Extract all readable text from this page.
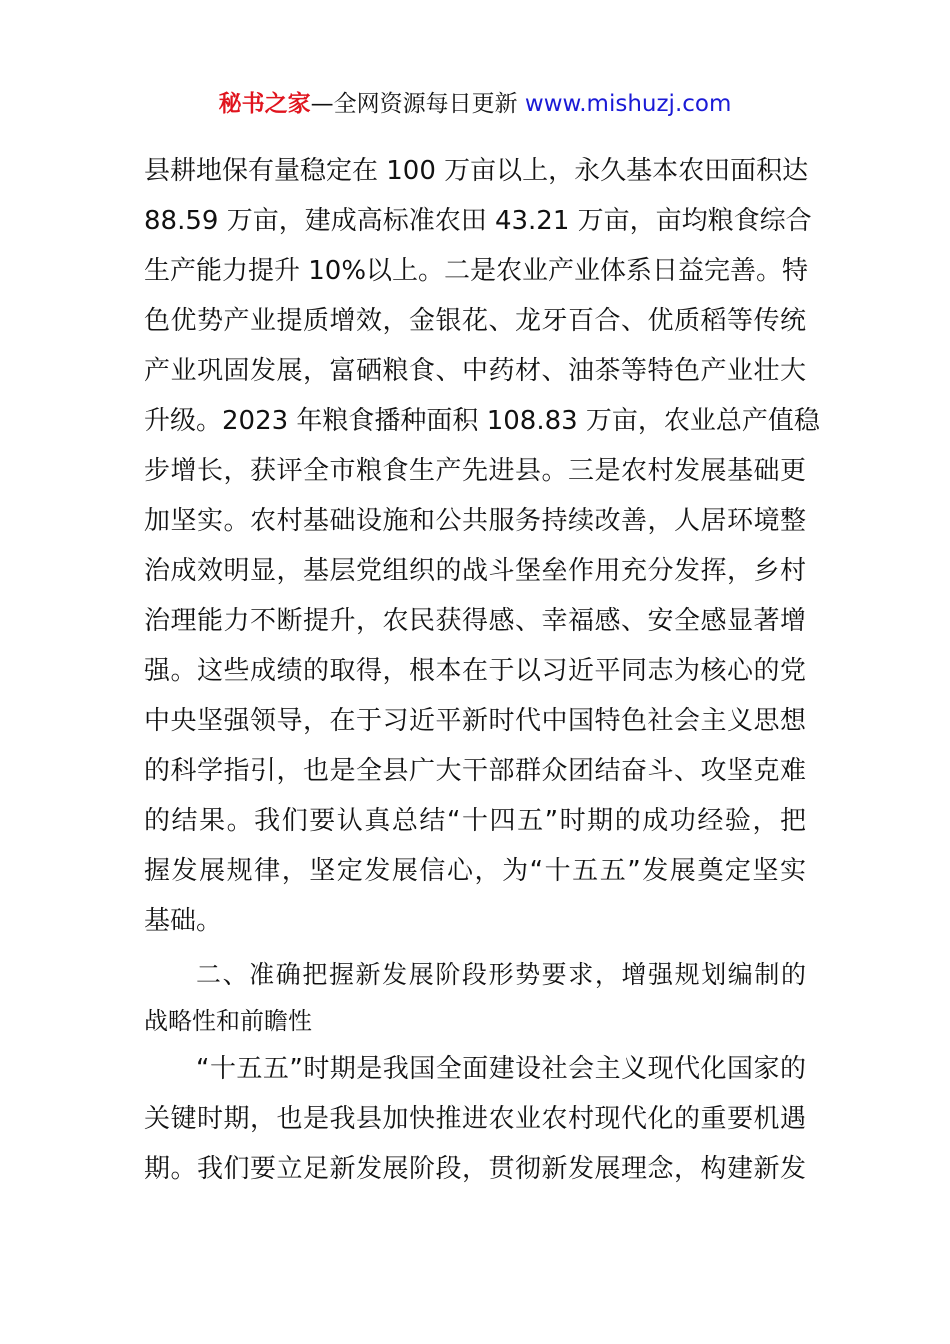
秘书之家—全网资源每日更新 www.mishuzj.com
县耕地保有量稳定在 100 万亩以上，永久基本农田面积达
88.59 万亩，建成高标准农田 43.21 万亩，亩均粮食综合
生产能力提升 10%以上。二是农业产业体系日益完善。特
色优势产业提质增效，金银花、龙牙百合、优质稻等传统
产业巩固发展，富硒粮食、中药材、油茶等特色产业壮大
升级。2023 年粮食播种面积 108.83 万亩，农业总产值稳
步增长，获评全市粮食生产先进县。三是农村发展基础更
加坚实。农村基础设施和公共服务持续改善，人居环境整
治成效明显，基层党组织的战斗堡垒作用充分发挥，乡村
治理能力不断提升，农民获得感、幸福感、安全感显著增
强。这些成绩的取得，根本在于以习近平同志为核心的党
中央坚强领导，在于习近平新时代中国特色社会主义思想
的科学指引，也是全县广大干部群众团结奋斗、攻坚克难
的结果。我们要认真总结“十四五”时期的成功经验，把
握发展规律，坚定发展信心，为“十五五”发展奠定坚实
基础。
二、准确把握新发展阶段形势要求，增强规划编制的
战略性和前瞻性
“十五五”时期是我国全面建设社会主义现代化国家的
关键时期，也是我县加快推进农业农村现代化的重要机遇
期。我们要立足新发展阶段，贯彻新发展理念，构建新发
